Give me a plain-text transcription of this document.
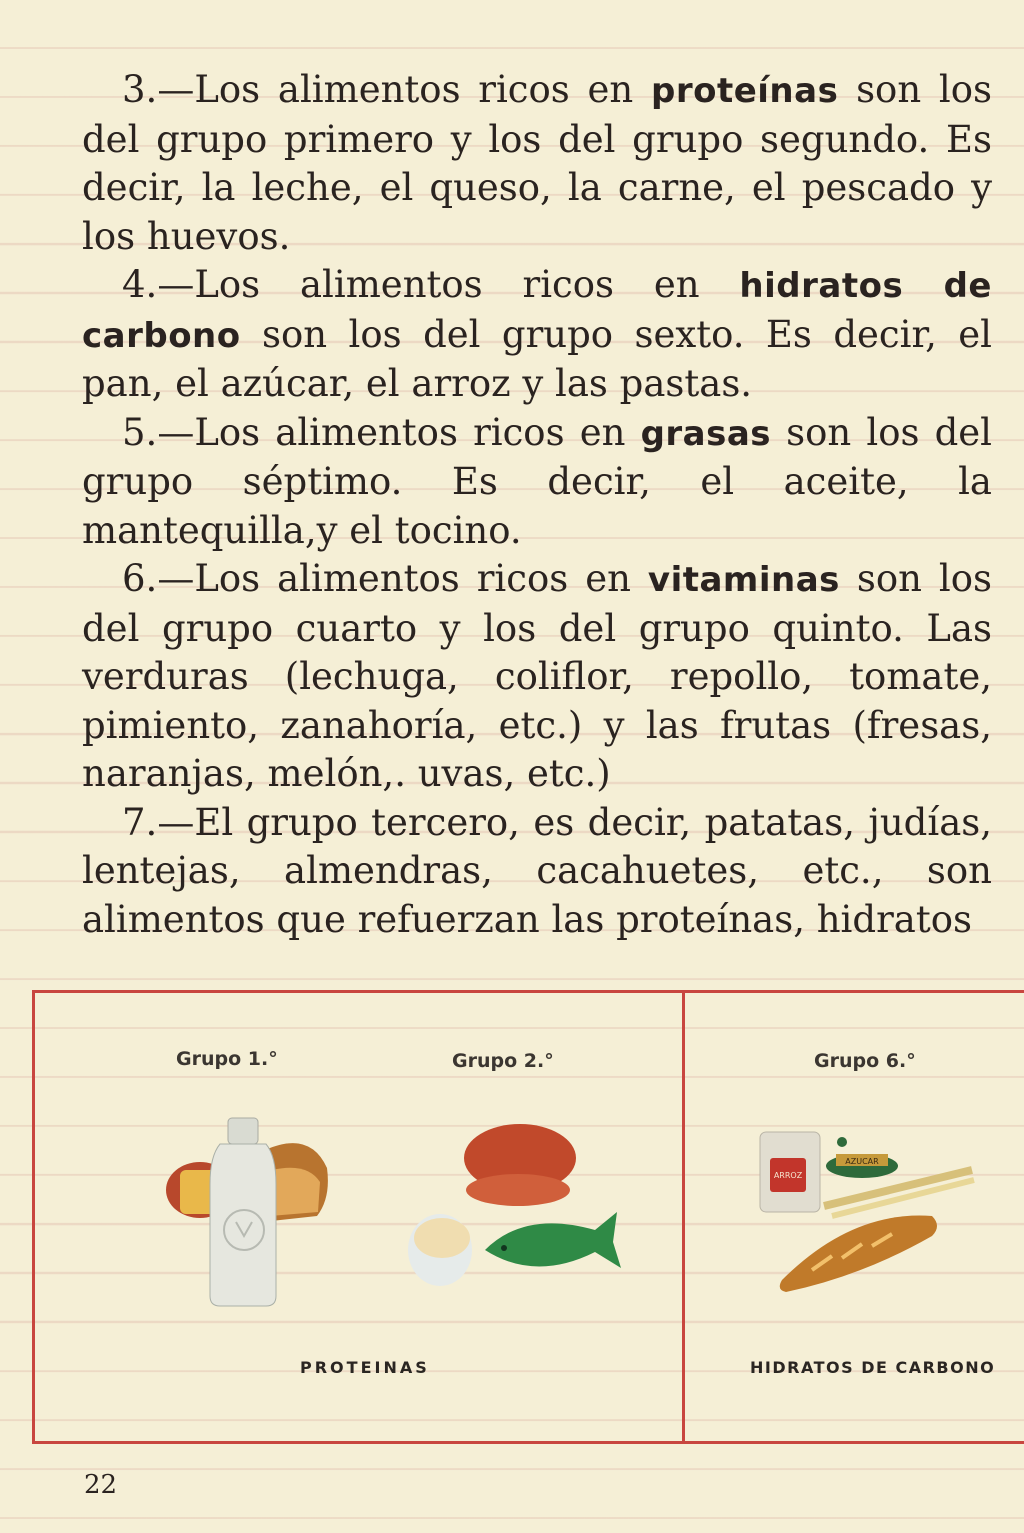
3.—Los alimentos ricos en proteínas son los del grupo primero y los del grupo segundo. Es decir, la leche, el queso, la carne, el pescado y los huevos.

4.—Los alimentos ricos en hidratos de carbono son los del grupo sexto. Es decir, el pan, el azúcar, el arroz y las pastas.

5.—Los alimentos ricos en grasas son los del grupo séptimo. Es decir, el aceite, la mantequilla,y el tocino.

6.—Los alimentos ricos en vitaminas son los del grupo cuarto y los del grupo quinto. Las verduras (lechuga, coliflor, repollo, tomate, pimiento, zanahoría, etc.) y las frutas (fresas, naranjas, melón,. uvas, etc.)

7.—El grupo tercero, es decir, patatas, judías, lentejas, almendras, cacahuetes, etc., son alimentos que refuerzan las proteínas, hidratos

Grupo 1.°	Grupo 2.°	Grupo 6.°
ARROZ
AZUCAR
PROTEINAS	HIDRATOS DE CARBONO
22
